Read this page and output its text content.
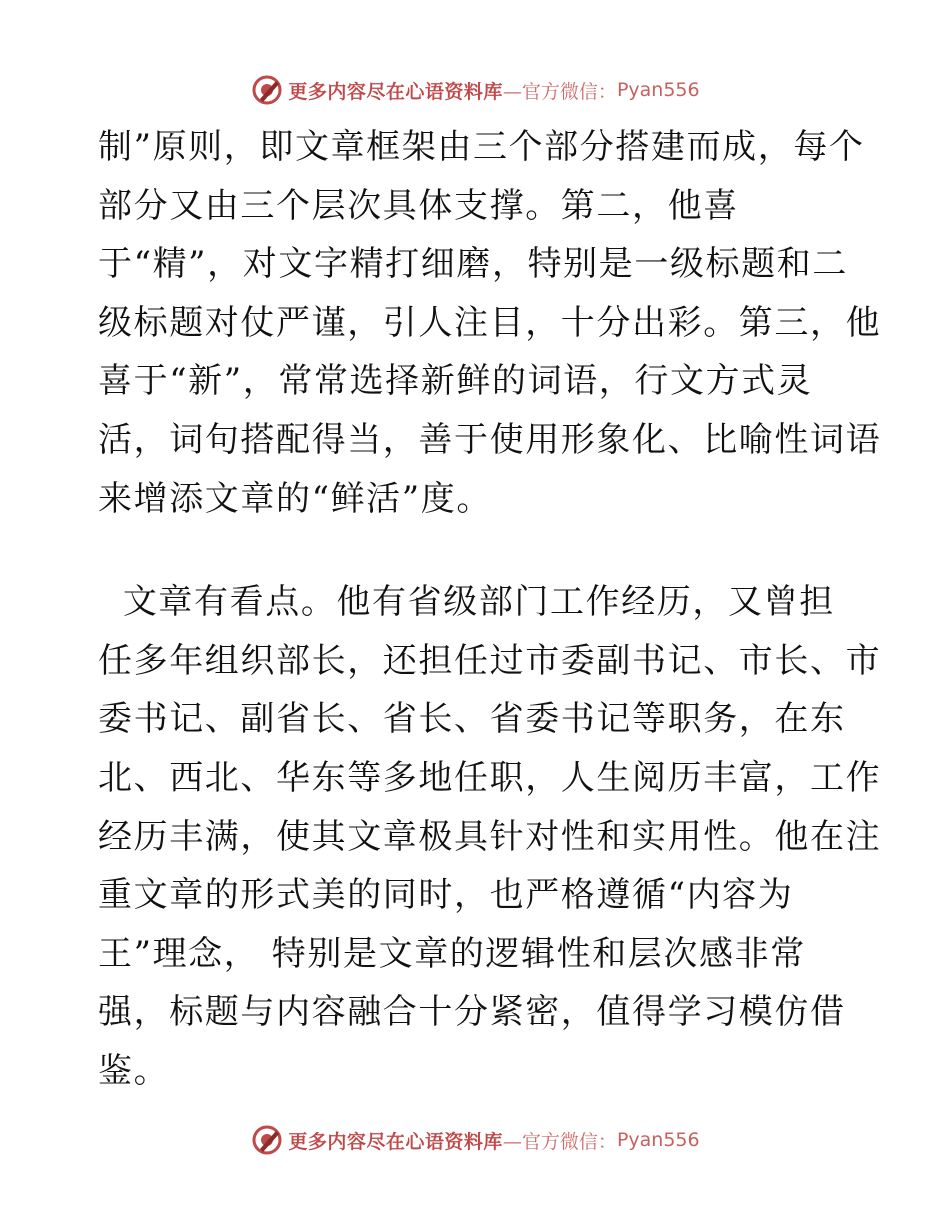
更多内容尽在心语资料库 —官方微信： Pyan556
制”原则，即文章框架由三个部分搭建而成，每个
部分又由三个层次具体支撑。第二，他喜
于“精”，对文字精打细磨，特别是一级标题和二
级标题对仗严谨，引人注目，十分出彩。第三，他
喜于“新”，常常选择新鲜的词语，行文方式灵
活，词句搭配得当，善于使用形象化、比喻性词语
来增添文章的“鲜活”度。
文章有看点。他有省级部门工作经历，又曾担
任多年组织部长，还担任过市委副书记、市长、市
委书记、副省长、省长、省委书记等职务，在东
北、西北、华东等多地任职，人生阅历丰富，工作
经历丰满，使其文章极具针对性和实用性。他在注
重文章的形式美的同时，也严格遵循“内容为
王”理念， 特别是文章的逻辑性和层次感非常
强，标题与内容融合十分紧密，值得学习模仿借
鉴。
更多内容尽在心语资料库 —官方微信： Pyan556
